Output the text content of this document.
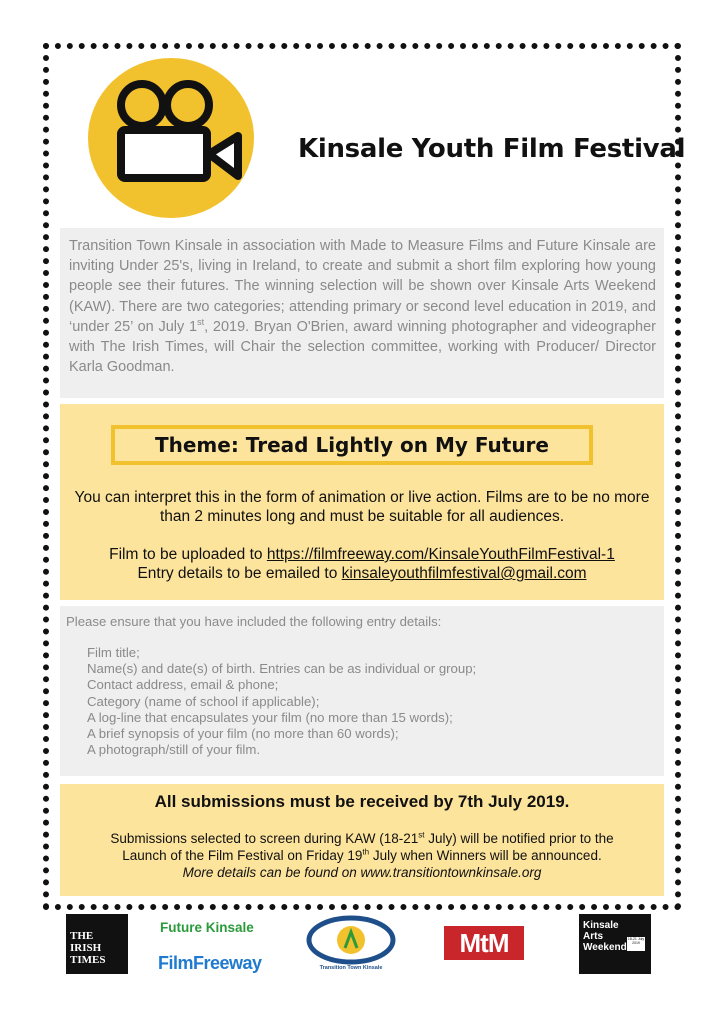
Kinsale Youth Film Festival
Transition Town Kinsale in association with Made to Measure Films and Future Kinsale are inviting Under 25's, living in Ireland, to create and submit a short film exploring how young people see their futures. The winning selection will be shown over Kinsale Arts Weekend (KAW). There are two categories; attending primary or second level education in 2019, and ‘under 25’ on July 1st, 2019. Bryan O'Brien, award winning photographer and videographer with The Irish Times, will Chair the selection committee, working with Producer/ Director Karla Goodman.
Theme: Tread Lightly on My Future
You can interpret this in the form of animation or live action. Films are to be no more than 2 minutes long and must be suitable for all audiences.
Film to be uploaded to https://filmfreeway.com/KinsaleYouthFilmFestival-1
Entry details to be emailed to kinsaleyouthfilmfestival@gmail.com
Please ensure that you have included the following entry details:
Film title;
Name(s) and date(s) of birth. Entries can be as individual or group;
Contact address, email & phone;
Category (name of school if applicable);
A log-line that encapsulates your film (no more than 15 words);
A brief synopsis of your film (no more than 60 words);
A photograph/still of your film.
All submissions must be received by 7th July 2019.
Submissions selected to screen during KAW (18-21st July) will be notified prior to the
Launch of the Film Festival on Friday 19th July when Winners will be announced.
More details can be found on www.transitiontownkinsale.org
THE
IRISH
TIMES
Future Kinsale
FilmFreeway	Transition Town Kinsale
MtM
Kinsale
Arts
Weekend
18-21 July 2019
